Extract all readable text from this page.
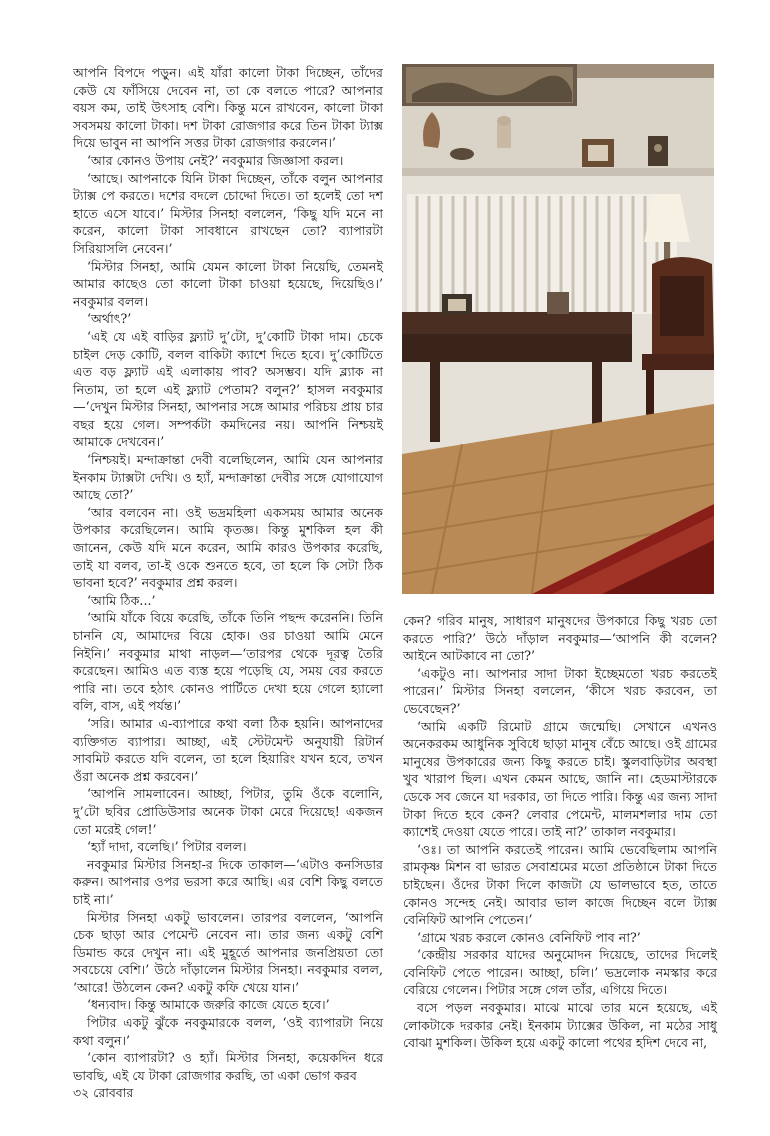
আপনি বিপদে পড়ুন। এই যাঁরা কালো টাকা দিচ্ছেন, তাঁদের কেউ যে ফাঁসিয়ে দেবেন না, তা কে বলতে পারে? আপনার বয়স কম, তাই উৎসাহ বেশি। কিন্তু মনে রাখবেন, কালো টাকা সবসময় কালো টাকা। দশ টাকা রোজগার করে তিন টাকা ট্যাক্স দিয়ে ভাবুন না আপনি সত্তর টাকা রোজগার করলেন।’

‘আর কোনও উপায় নেই?’ নবকুমার জিজ্ঞাসা করল।

‘আছে। আপনাকে যিনি টাকা দিচ্ছেন, তাঁকে বলুন আপনার ট্যাক্স পে করতে। দশের বদলে চোদ্দো দিতে। তা হলেই তো দশ হাতে এসে যাবে।’ মিস্টার সিনহা বললেন, ‘কিছু যদি মনে না করেন, কালো টাকা সাবধানে রাখছেন তো? ব্যাপারটা সিরিয়াসলি নেবেন।’

‘মিস্টার সিনহা, আমি যেমন কালো টাকা নিয়েছি, তেমনই আমার কাছেও তো কালো টাকা চাওয়া হয়েছে, দিয়েছিও।’ নবকুমার বলল।

‘অর্থাৎ?’

‘এই যে এই বাড়ির ফ্ল্যাট দু’টো, দু’কোটি টাকা দাম। চেকে চাইল দেড় কোটি, বলল বাকিটা ক্যাশে দিতে হবে। দু’কোটিতে এত বড় ফ্ল্যাট এই এলাকায় পাব? অসম্ভব। যদি ব্ল্যাক না নিতাম, তা হলে এই ফ্ল্যাট পেতাম? বলুন?’ হাসল নবকুমার—‘দেখুন মিস্টার সিনহা, আপনার সঙ্গে আমার পরিচয় প্রায় চার বছর হয়ে গেল। সম্পর্কটা কমদিনের নয়। আপনি নিশ্চয়ই আমাকে দেখবেন।’

‘নিশ্চয়ই। মন্দাক্রান্তা দেবী বলেছিলেন, আমি যেন আপনার ইনকাম ট্যাক্সটা দেখি। ও হ্যাঁ, মন্দাক্রান্তা দেবীর সঙ্গে যোগাযোগ আছে তো?’

‘আর বলবেন না। ওই ভদ্রমহিলা একসময় আমার অনেক উপকার করেছিলেন। আমি কৃতজ্ঞ। কিন্তু মুশকিল হল কী জানেন, কেউ যদি মনে করেন, আমি কারও উপকার করেছি, তাই যা বলব, তা-ই ওকে শুনতে হবে, তা হলে কি সেটা ঠিক ভাবনা হবে?’ নবকুমার প্রশ্ন করল।

‘আমি ঠিক...’

‘আমি যাঁকে বিয়ে করেছি, তাঁকে তিনি পছন্দ করেননি। তিনি চাননি যে, আমাদের বিয়ে হোক। ওর চাওয়া আমি মেনে নিইনি।’ নবকুমার মাথা নাড়ল—‘তারপর থেকে দূরত্ব তৈরি করেছেন। আমিও এত ব্যস্ত হয়ে পড়েছি যে, সময় বের করতে পারি না। তবে হঠাৎ কোনও পার্টিতে দেখা হয়ে গেলে হ্যালো বলি, বাস, এই পর্যন্ত।’

‘সরি। আমার এ-ব্যাপারে কথা বলা ঠিক হয়নি। আপনাদের ব্যক্তিগত ব্যাপার। আচ্ছা, এই স্টেটমেন্ট অনুযায়ী রিটার্ন সাবমিট করতে যদি বলেন, তা হলে হিয়ারিং যখন হবে, তখন ওঁরা অনেক প্রশ্ন করবেন।’

‘আপনি সামলাবেন। আচ্ছা, পিটার, তুমি ওঁকে বলোনি, দু’টো ছবির প্রোডিউসার অনেক টাকা মেরে দিয়েছে! একজন তো মরেই গেল!’

‘হ্যাঁ দাদা, বলেছি।’ পিটার বলল।

নবকুমার মিস্টার সিনহা-র দিকে তাকাল—‘এটাও কনসিডার করুন। আপনার ওপর ভরসা করে আছি। এর বেশি কিছু বলতে চাই না।’

মিস্টার সিনহা একটু ভাবলেন। তারপর বললেন, ‘আপনি চেক ছাড়া আর পেমেন্ট নেবেন না। তার জন্য একটু বেশি ডিমান্ড করে দেখুন না। এই মুহূর্তে আপনার জনপ্রিয়তা তো সবচেয়ে বেশি।’ উঠে দাঁড়ালেন মিস্টার সিনহা। নবকুমার বলল, ‘আরে! উঠলেন কেন? একটু কফি খেয়ে যান।’

‘ধন্যবাদ। কিন্তু আমাকে জরুরি কাজে যেতে হবে।’

পিটার একটু ঝুঁকে নবকুমারকে বলল, ‘ওই ব্যাপারটা নিয়ে কথা বলুন।’

‘কোন ব্যাপারটা? ও হ্যাঁ। মিস্টার সিনহা, কয়েকদিন ধরে ভাবছি, এই যে টাকা রোজগার করছি, তা একা ভোগ করব

কেন? গরিব মানুষ, সাধারণ মানুষদের উপকারে কিছু খরচ তো করতে পারি?’ উঠে দাঁড়াল নবকুমার—‘আপনি কী বলেন? আইনে আটকাবে না তো?’

‘একটুও না। আপনার সাদা টাকা ইচ্ছেমতো খরচ করতেই পারেন।’ মিস্টার সিনহা বললেন, ‘কীসে খরচ করবেন, তা ভেবেছেন?’

‘আমি একটি রিমোট গ্রামে জন্মেছি। সেখানে এখনও অনেকরকম আধুনিক সুবিধে ছাড়া মানুষ বেঁচে আছে। ওই গ্রামের মানুষের উপকারের জন্য কিছু করতে চাই। স্কুলবাড়িটার অবস্থা খুব খারাপ ছিল। এখন কেমন আছে, জানি না। হেডমাস্টারকে ডেকে সব জেনে যা দরকার, তা দিতে পারি। কিন্তু এর জন্য সাদা টাকা দিতে হবে কেন? লেবার পেমেন্ট, মালমশলার দাম তো ক্যাশেই দেওয়া যেতে পারে। তাই না?’ তাকাল নবকুমার।

‘ওঃ। তা আপনি করতেই পারেন। আমি ভেবেছিলাম আপনি রামকৃষ্ণ মিশন বা ভারত সেবাশ্রমের মতো প্রতিষ্ঠানে টাকা দিতে চাইছেন। ওঁদের টাকা দিলে কাজটা যে ভালভাবে হত, তাতে কোনও সন্দেহ নেই। আবার ভাল কাজে দিচ্ছেন বলে ট্যাক্স বেনিফিট আপনি পেতেন।’

‘গ্রামে খরচ করলে কোনও বেনিফিট পাব না?’

‘কেন্দ্রীয় সরকার যাদের অনুমোদন দিয়েছে, তাদের দিলেই বেনিফিট পেতে পারেন। আচ্ছা, চলি।’ ভদ্রলোক নমস্কার করে বেরিয়ে গেলেন। পিটার সঙ্গে গেল তাঁর, এগিয়ে দিতে।

বসে পড়ল নবকুমার। মাঝে মাঝে তার মনে হয়েছে, এই লোকটাকে দরকার নেই। ইনকাম ট্যাক্সের উকিল, না মঠের সাধু বোঝা মুশকিল। উকিল হয়ে একটু কালো পথের হদিশ দেবে না,

৩২ রোববার
